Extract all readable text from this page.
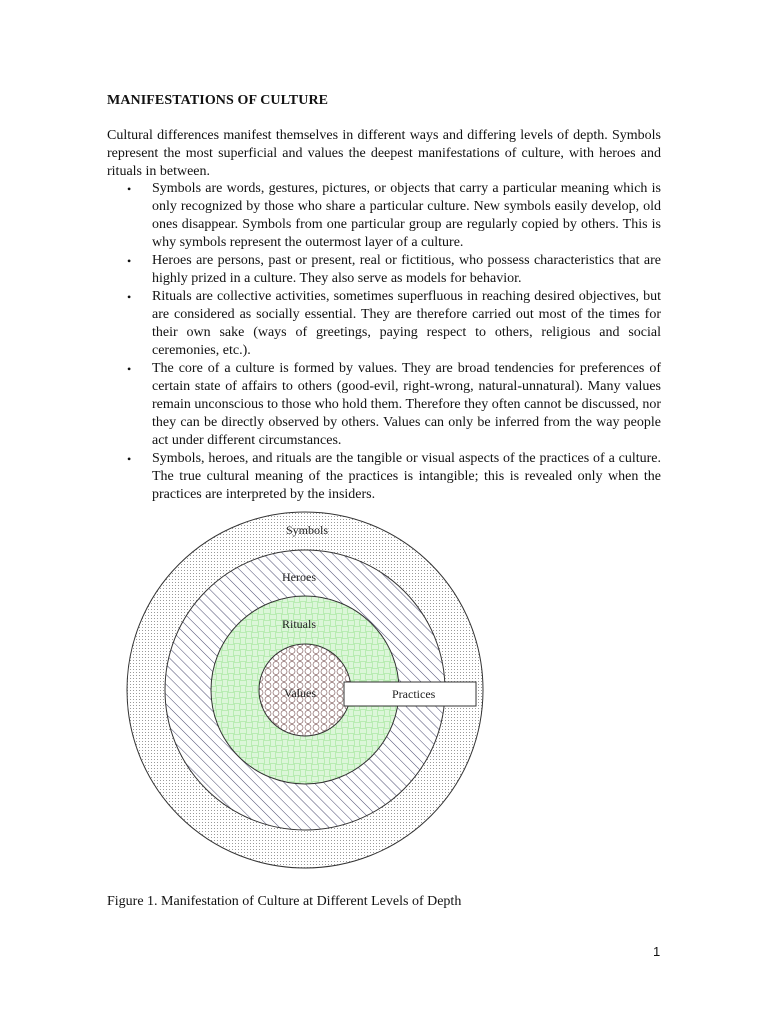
MANIFESTATIONS OF CULTURE

Cultural differences manifest themselves in different ways and differing levels of depth. Symbols represent the most superficial and values the deepest manifestations of culture, with heroes and rituals in between.

• Symbols are words, gestures, pictures, or objects that carry a particular meaning which is only recognized by those who share a particular culture. New symbols easily develop, old ones disappear. Symbols from one particular group are regularly copied by others. This is why symbols represent the outermost layer of a culture.
• Heroes are persons, past or present, real or fictitious, who possess characteristics that are highly prized in a culture. They also serve as models for behavior.
• Rituals are collective activities, sometimes superfluous in reaching desired objectives, but are considered as socially essential. They are therefore carried out most of the times for their own sake (ways of greetings, paying respect to others, religious and social ceremonies, etc.).
• The core of a culture is formed by values. They are broad tendencies for preferences of certain state of affairs to others (good-evil, right-wrong, natural-unnatural). Many values remain unconscious to those who hold them. Therefore they often cannot be discussed, nor they can be directly observed by others. Values can only be inferred from the way people act under different circumstances.
• Symbols, heroes, and rituals are the tangible or visual aspects of the practices of a culture. The true cultural meaning of the practices is intangible; this is revealed only when the practices are interpreted by the insiders.
Symbols
Heroes
Rituals
Values	Practices
Figure 1. Manifestation of Culture at Different Levels of Depth
1
